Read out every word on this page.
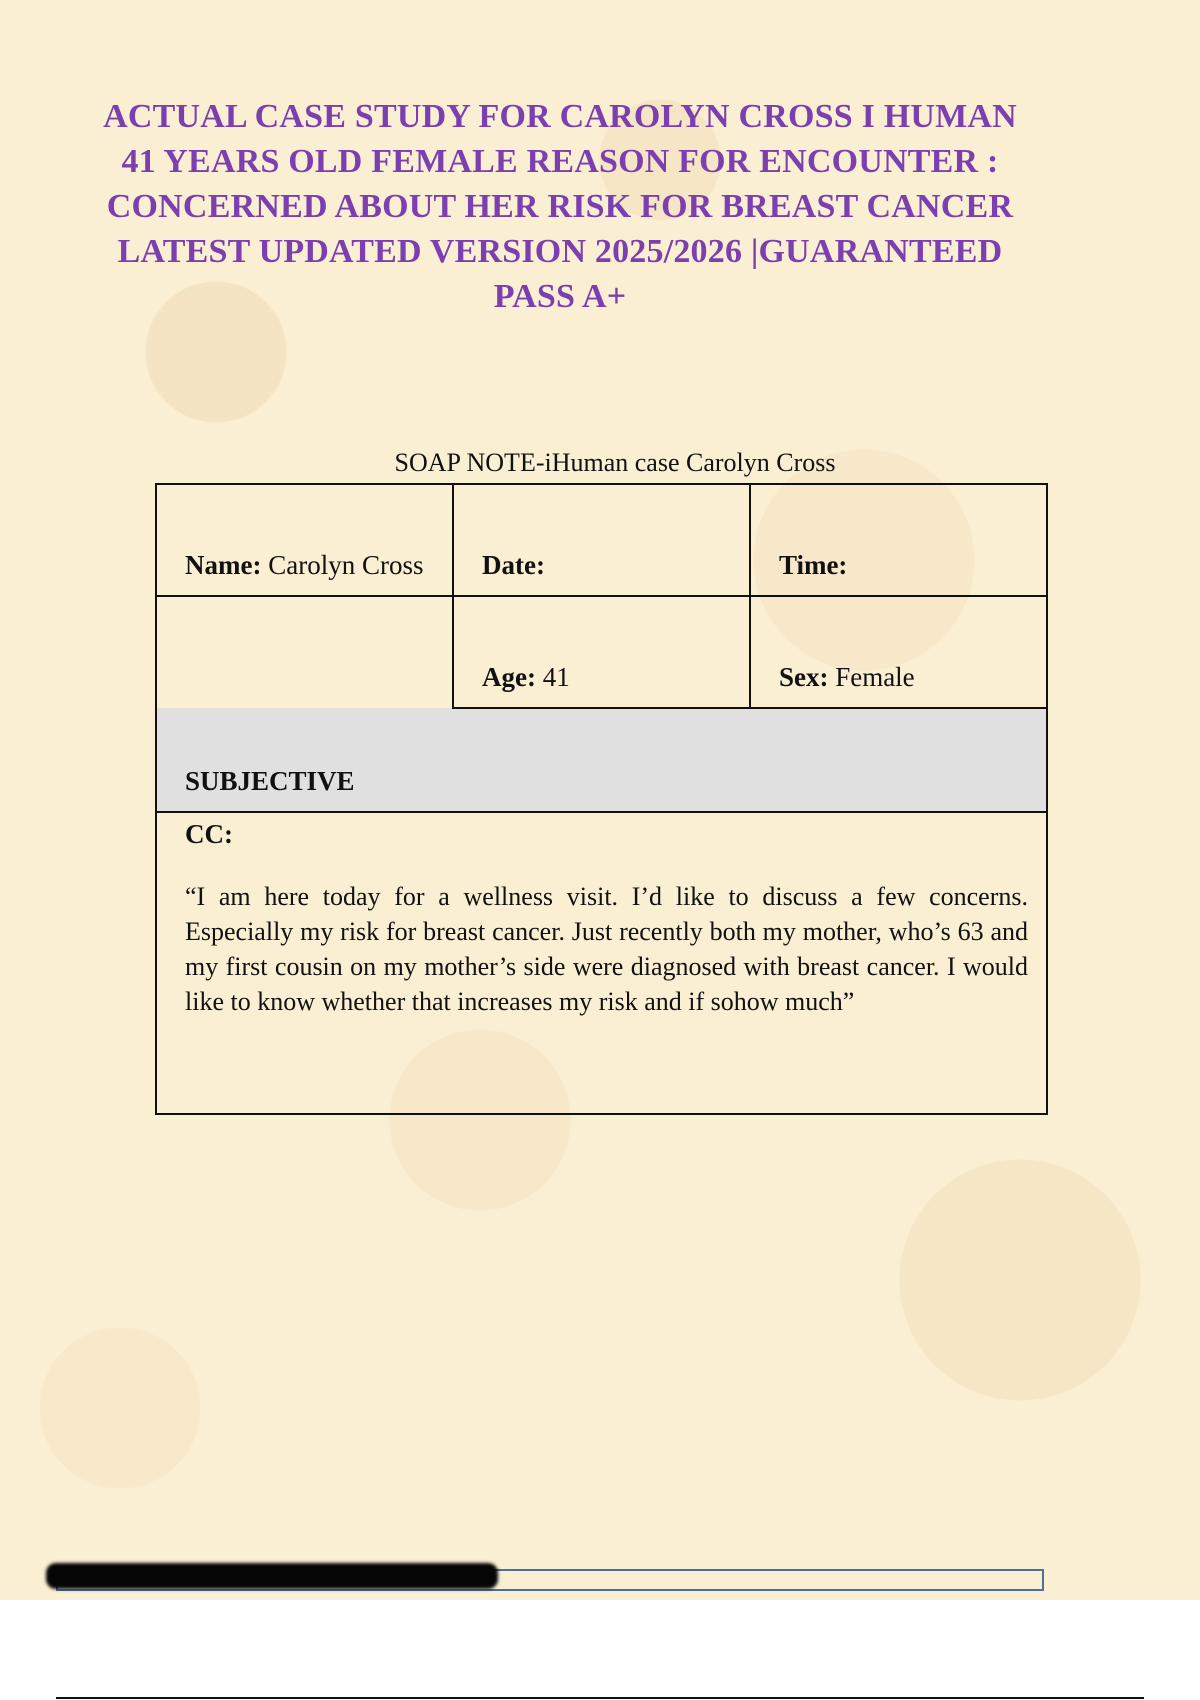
ACTUAL CASE STUDY FOR CAROLYN CROSS I HUMAN 41 YEARS OLD FEMALE REASON FOR ENCOUNTER : CONCERNED ABOUT HER RISK FOR BREAST CANCER LATEST UPDATED VERSION 2025/2026 |GUARANTEED PASS A+
SOAP NOTE-iHuman case Carolyn Cross
Name: Carolyn Cross	Date:	Time:
	Age: 41	Sex: Female
SUBJECTIVE		

CC:

“I am here today for a wellness visit. I’d like to discuss a few concerns. Especially my risk for breast cancer. Just recently both my mother, who’s 63 and my first cousin on my mother’s side were diagnosed with breast cancer. I would like to know whether that increases my risk and if sohow much”		
